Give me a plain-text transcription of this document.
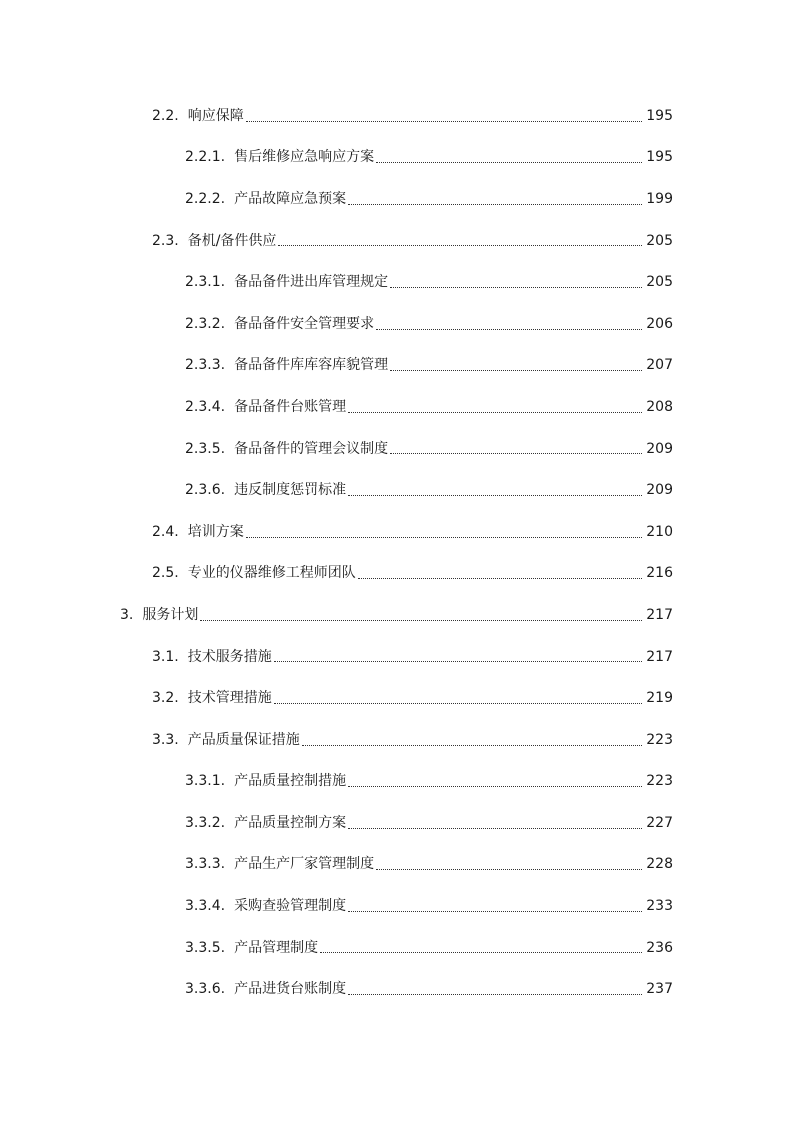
2.2. 响应保障	195
2.2.1. 售后维修应急响应方案	195
2.2.2. 产品故障应急预案	199
2.3. 备机/备件供应	205
2.3.1. 备品备件进出库管理规定	205
2.3.2. 备品备件安全管理要求	206
2.3.3. 备品备件库库容库貌管理	207
2.3.4. 备品备件台账管理	208
2.3.5. 备品备件的管理会议制度	209
2.3.6. 违反制度惩罚标准	209
2.4. 培训方案	210
2.5. 专业的仪器维修工程师团队	216
3. 服务计划	217
3.1. 技术服务措施	217
3.2. 技术管理措施	219
3.3. 产品质量保证措施	223
3.3.1. 产品质量控制措施	223
3.3.2. 产品质量控制方案	227
3.3.3. 产品生产厂家管理制度	228
3.3.4. 采购查验管理制度	233
3.3.5. 产品管理制度	236
3.3.6. 产品进货台账制度	237
